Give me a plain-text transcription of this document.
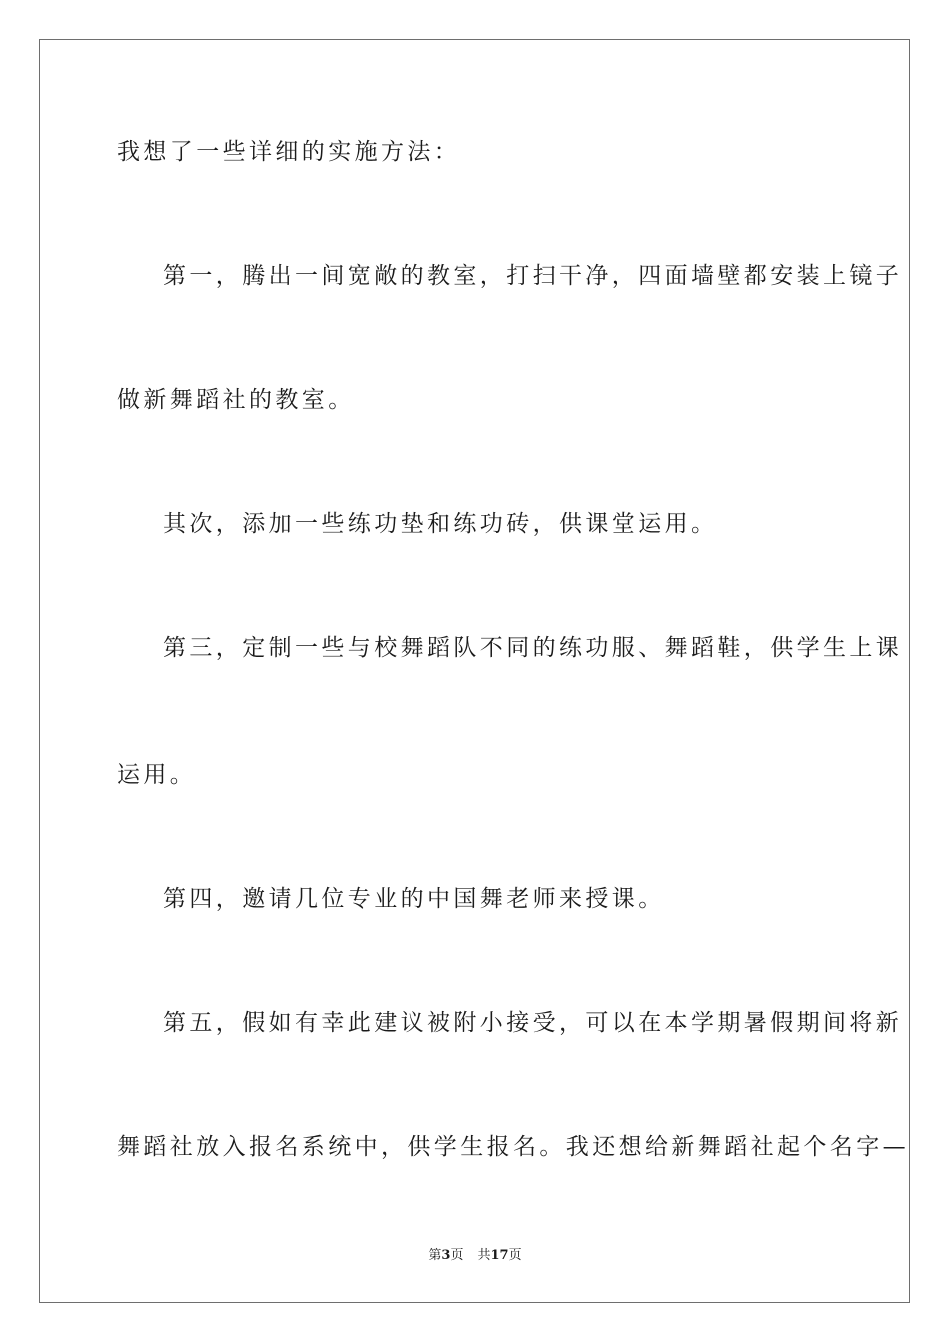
我想了一些详细的实施方法：
第一，腾出一间宽敞的教室，打扫干净，四面墙壁都安装上镜子
做新舞蹈社的教室。
其次，添加一些练功垫和练功砖，供课堂运用。
第三，定制一些与校舞蹈队不同的练功服、舞蹈鞋，供学生上课
运用。
第四，邀请几位专业的中国舞老师来授课。
第五，假如有幸此建议被附小接受，可以在本学期暑假期间将新
舞蹈社放入报名系统中，供学生报名。我还想给新舞蹈社起个名字—
第3页 共17页
